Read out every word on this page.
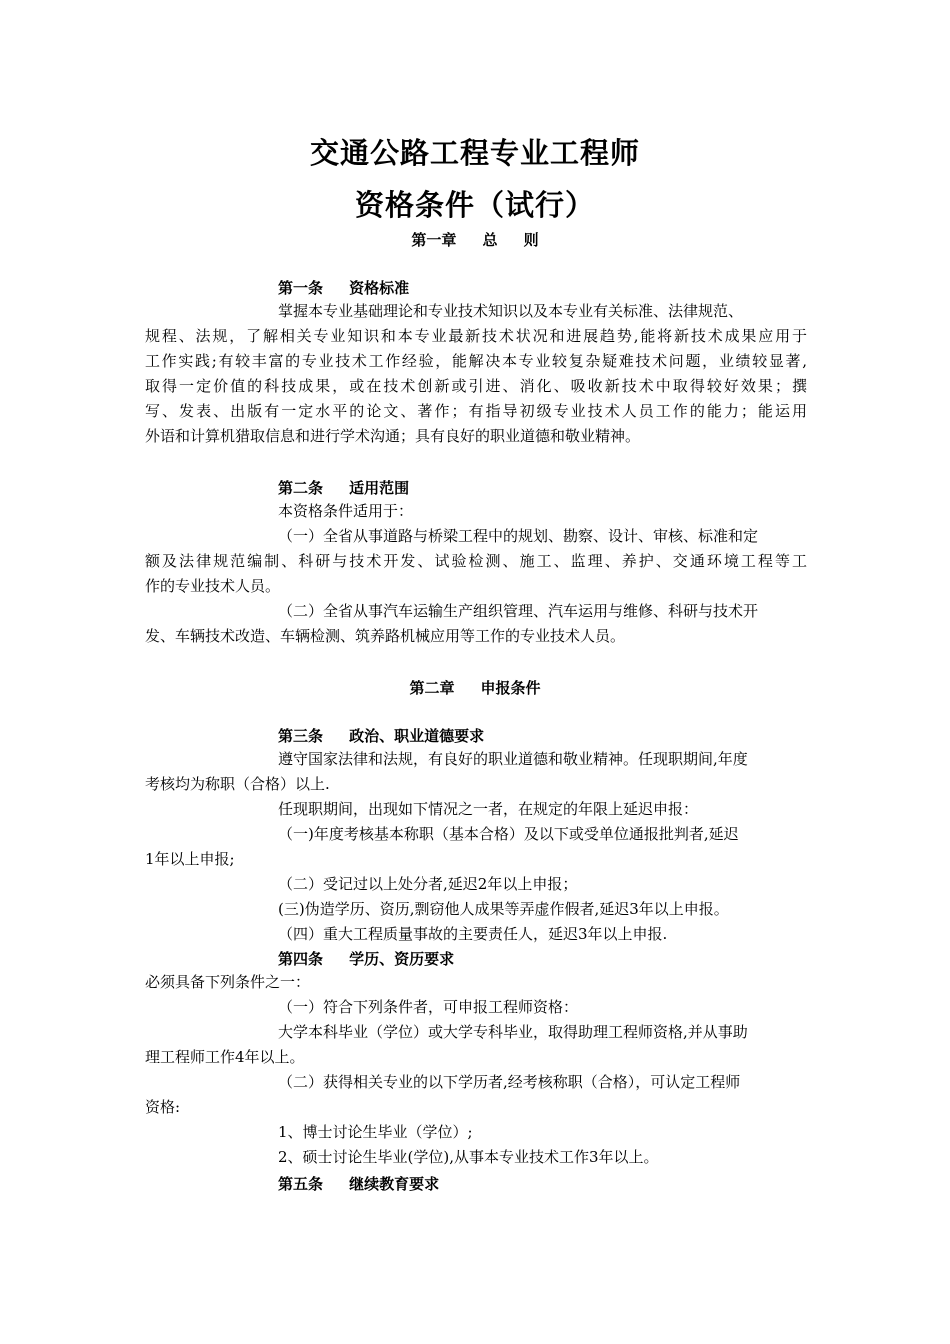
交通公路工程专业工程师
资格条件（试行）
第一章     总     则
第一条     资格标准
掌握本专业基础理论和专业技术知识以及本专业有关标准、法律规范、
规程、法规，了解相关专业知识和本专业最新技术状况和进展趋势,能将新技术成果应用于
工作实践;有较丰富的专业技术工作经验，能解决本专业较复杂疑难技术问题，业绩较显著,
取得一定价值的科技成果，或在技术创新或引进、消化、吸收新技术中取得较好效果；撰
写、发表、出版有一定水平的论文、著作；有指导初级专业技术人员工作的能力；能运用
外语和计算机猎取信息和进行学术沟通；具有良好的职业道德和敬业精神。
第二条     适用范围
本资格条件适用于：
（一）全省从事道路与桥梁工程中的规划、勘察、设计、审核、标准和定
额及法律规范编制、科研与技术开发、试验检测、施工、监理、养护、交通环境工程等工
作的专业技术人员。
（二）全省从事汽车运输生产组织管理、汽车运用与维修、科研与技术开
发、车辆技术改造、车辆检测、筑养路机械应用等工作的专业技术人员。
第二章     申报条件
第三条     政治、职业道德要求
遵守国家法律和法规，有良好的职业道德和敬业精神。任现职期间,年度
考核均为称职（合格）以上.
任现职期间，出现如下情况之一者，在规定的年限上延迟申报：
（一)年度考核基本称职（基本合格）及以下或受单位通报批判者,延迟
1年以上申报;
（二）受记过以上处分者,延迟2年以上申报；
(三)伪造学历、资历,剽窃他人成果等弄虚作假者,延迟3年以上申报。
（四）重大工程质量事故的主要责任人，延迟3年以上申报.
第四条     学历、资历要求
必须具备下列条件之一：
（一）符合下列条件者，可申报工程师资格：
大学本科毕业（学位）或大学专科毕业，取得助理工程师资格,并从事助
理工程师工作4年以上。
（二）获得相关专业的以下学历者,经考核称职（合格），可认定工程师
资格:
1、博士讨论生毕业（学位）;
2、硕士讨论生毕业(学位),从事本专业技术工作3年以上。
第五条     继续教育要求
